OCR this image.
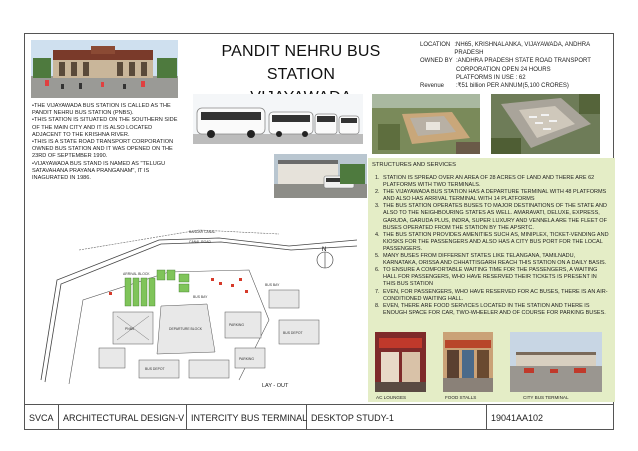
PANDIT NEHRU BUS STATION
LOCATION :NH65, KRISHNALANKA, VIJAYAWADA, ANDHRA PRADESH
OWNED BY :ANDHRA PRADESH STATE ROAD TRANSPORT
CORPORATION OPEN 24 HOURS
PLATFORMS IN USE : 62
Revenue	:₹51 billion PER ANNUM(5,100 CRORES)

•THE VIJAYAWADA BUS STATION IS CALLED AS THE PANDIT NEHRU BUS STATION (PNBS).

•THIS STATION IS SITUATED ON THE SOUTHERN SIDE OF THE MAIN CITY AND IT IS ALSO LOCATED ADJACENT TO THE KRISHNA RIVER.

•THIS IS A STATE ROAD TRANSPORT CORPORATION OWNED BUS STATION AND IT WAS OPENED ON THE 23RD OF SEPTEMBER 1990.

•VIJAYAWADA BUS STAND IS NAMED AS "TELUGU SATAVAHANA PRAYANA PRANGANAM", IT IS INAGURATED IN 1986.

STRUCTURES AND SERVICES
1. STATION IS SPREAD OVER AN AREA OF 28 ACRES OF LAND AND THERE ARE 62 PLATFORMS WITH TWO TERMINALS.
2. THE VIJAYAWADA BUS STATION HAS A DEPARTURE TERMINAL WITH 48 PLATFORMS AND ALSO HAS ARRIVAL TERMINAL WITH 14 PLATFORMS
3. THE BUS STATION OPERATES BUSES TO MAJOR DESTINATIONS OF THE STATE AND ALSO TO THE NEIGHBOURING STATES AS WELL. AMARAVATI, DELUXE, EXPRESS, GARUDA, GARUDA PLUS, INDRA, SUPER LUXURY AND VENNELA ARE THE FLEET OF BUSES OPERATED FROM THE STATION BY THE APSRTC.
4. THE BUS STATION PROVIDES AMENITIES SUCH AS, MINIPLEX, TICKET-VENDING AND KIOSKS FOR THE PASSENGERS AND ALSO HAS A CITY BUS PORT FOR THE LOCAL PASSENGERS.
5. MANY BUSES FROM DIFFERENT STATES LIKE TELANGANA, TAMILNADU, KARNATAKA, ORISSA AND CHHATTISGARH REACH THIS STATION ON A DAILY BASIS.
6. TO ENSURE A COMFORTABLE WAITING TIME FOR THE PASSENGERS, A WAITING HALL FOR PASSENGERS, WHO HAVE RESERVED THEIR TICKETS IS PRESENT IN THIS BUS STATION
7. EVEN, FOR PASSENGERS, WHO HAVE RESERVED FOR AC BUSES, THERE IS AN AIR-CONDITIONED WAITING HALL.
8. EVEN, THERE ARE FOOD SERVICES LOCATED IN THE STATION AND THERE IS ENOUGH SPACE FOR CAR, TWO-WHEELER AND OF COURSE FOR PARKING BUSES.
AC LOUNGES	FOOD STALLS	CITY BUS TERMINAL
N
BANDAR CANAL
CANAL ROAD
ARRIVAL BLOCK
BUS BAY
BUS BAY
PNBS	DEPARTURE BLOCK
PARKING
BUS DEPOT
BUS DEPOT
PARKING
LAY - OUT
SVCA	ARCHITECTURAL DESIGN-V INTERCITY BUS TERMINAL DESKTOP STUDY-1	19041AA102
